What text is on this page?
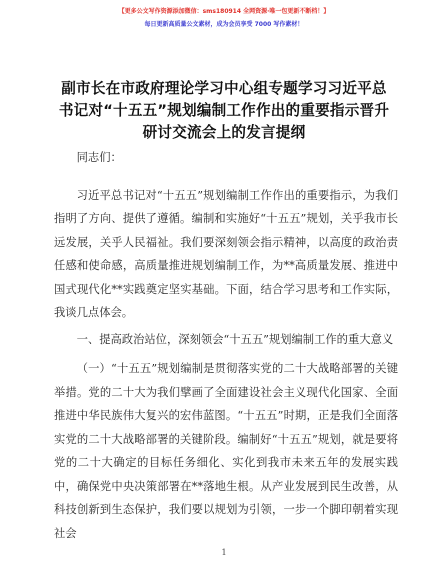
【更多公文写作资源添加微信：sms180914 全网资源·唯一包更新不断档！】
每日更新高质量公文素材，成为会员享受 7000 写作素材！
副市长在市政府理论学习中心组专题学习习近平总书记对“十五五”规划编制工作作出的重要指示晋升研讨交流会上的发言提纲

同志们：

习近平总书记对“十五五”规划编制工作作出的重要指示，为我们指明了方向、提供了遵循。编制和实施好“十五五”规划，关乎我市长远发展，关乎人民福祉。我们要深刻领会指示精神，以高度的政治责任感和使命感，高质量推进规划编制工作，为**高质量发展、推进中国式现代化**实践奠定坚实基础。下面，结合学习思考和工作实际，我谈几点体会。

一、提高政治站位，深刻领会“十五五”规划编制工作的重大意义

（一）“十五五”规划编制是贯彻落实党的二十大战略部署的关键举措。党的二十大为我们擘画了全面建设社会主义现代化国家、全面推进中华民族伟大复兴的宏伟蓝图。“十五五”时期，正是我们全面落实党的二十大战略部署的关键阶段。编制好“十五五”规划，就是要将党的二十大确定的目标任务细化、实化到我市未来五年的发展实践中，确保党中央决策部署在**落地生根。从产业发展到民生改善，从科技创新到生态保护，我们要以规划为引领，一步一个脚印朝着实现社会

1
